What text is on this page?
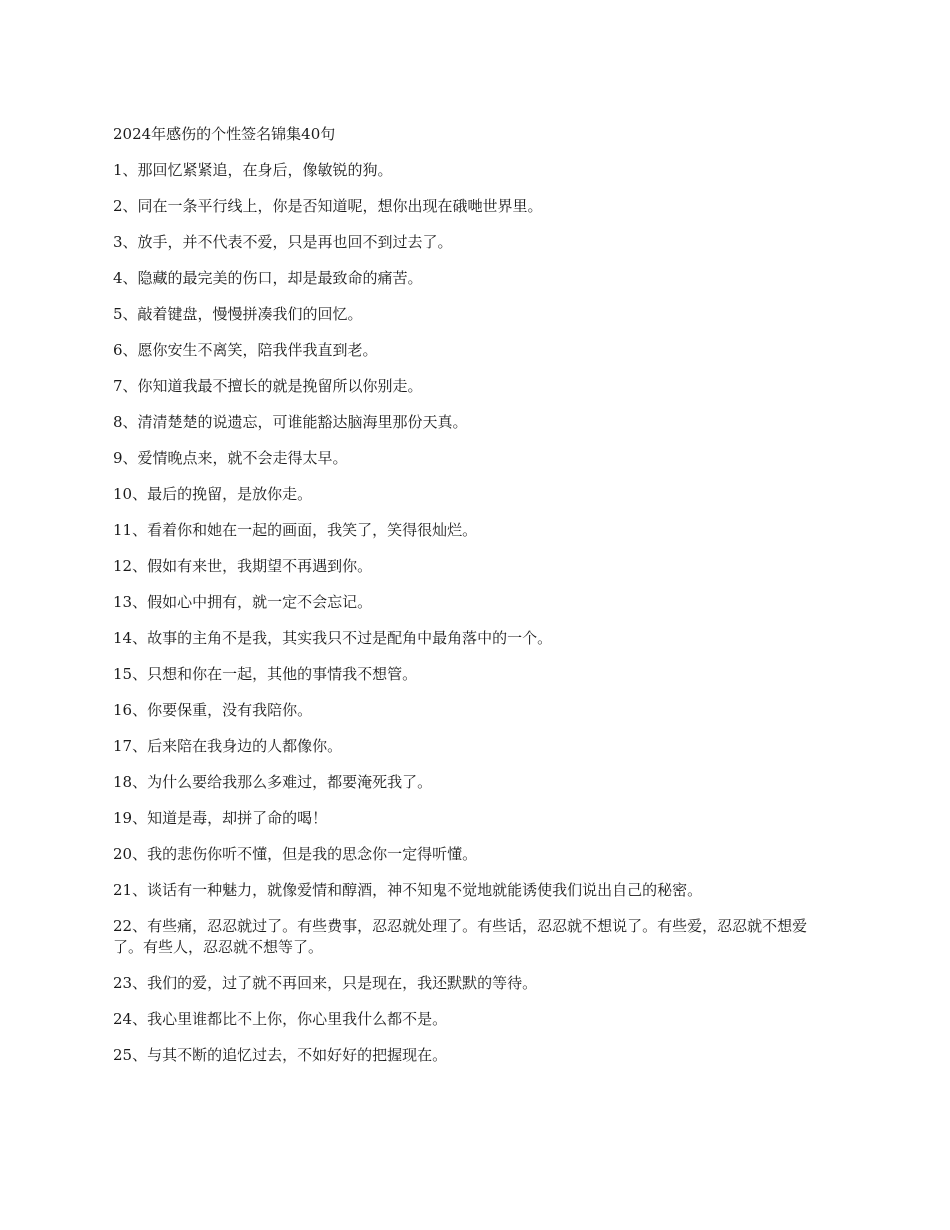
2024年感伤的个性签名锦集40句
1、那回忆紧紧追，在身后，像敏锐的狗。
2、同在一条平行线上，你是否知道呢，想你出现在硪哋世界里。
3、放手，并不代表不爱，只是再也回不到过去了。
4、隐藏的最完美的伤口，却是最致命的痛苦。
5、敲着键盘，慢慢拼凑我们的回忆。
6、愿你安生不离笑，陪我伴我直到老。
7、你知道我最不擅长的就是挽留所以你别走。
8、清清楚楚的说遗忘，可谁能豁达脑海里那份天真。
9、爱情晚点来，就不会走得太早。
10、最后的挽留，是放你走。
11、看着你和她在一起的画面，我笑了，笑得很灿烂。
12、假如有来世，我期望不再遇到你。
13、假如心中拥有，就一定不会忘记。
14、故事的主角不是我，其实我只不过是配角中最角落中的一个。
15、只想和你在一起，其他的事情我不想管。
16、你要保重，没有我陪你。
17、后来陪在我身边的人都像你。
18、为什么要给我那么多难过，都要淹死我了。
19、知道是毒，却拼了命的喝！
20、我的悲伤你听不懂，但是我的思念你一定得听懂。
21、谈话有一种魅力，就像爱情和醇酒，神不知鬼不觉地就能诱使我们说出自己的秘密。
22、有些痛，忍忍就过了。有些费事，忍忍就处理了。有些话，忍忍就不想说了。有些爱，忍忍就不想爱了。有些人，忍忍就不想等了。
23、我们的爱，过了就不再回来，只是现在，我还默默的等待。
24、我心里谁都比不上你，你心里我什么都不是。
25、与其不断的追忆过去，不如好好的把握现在。
